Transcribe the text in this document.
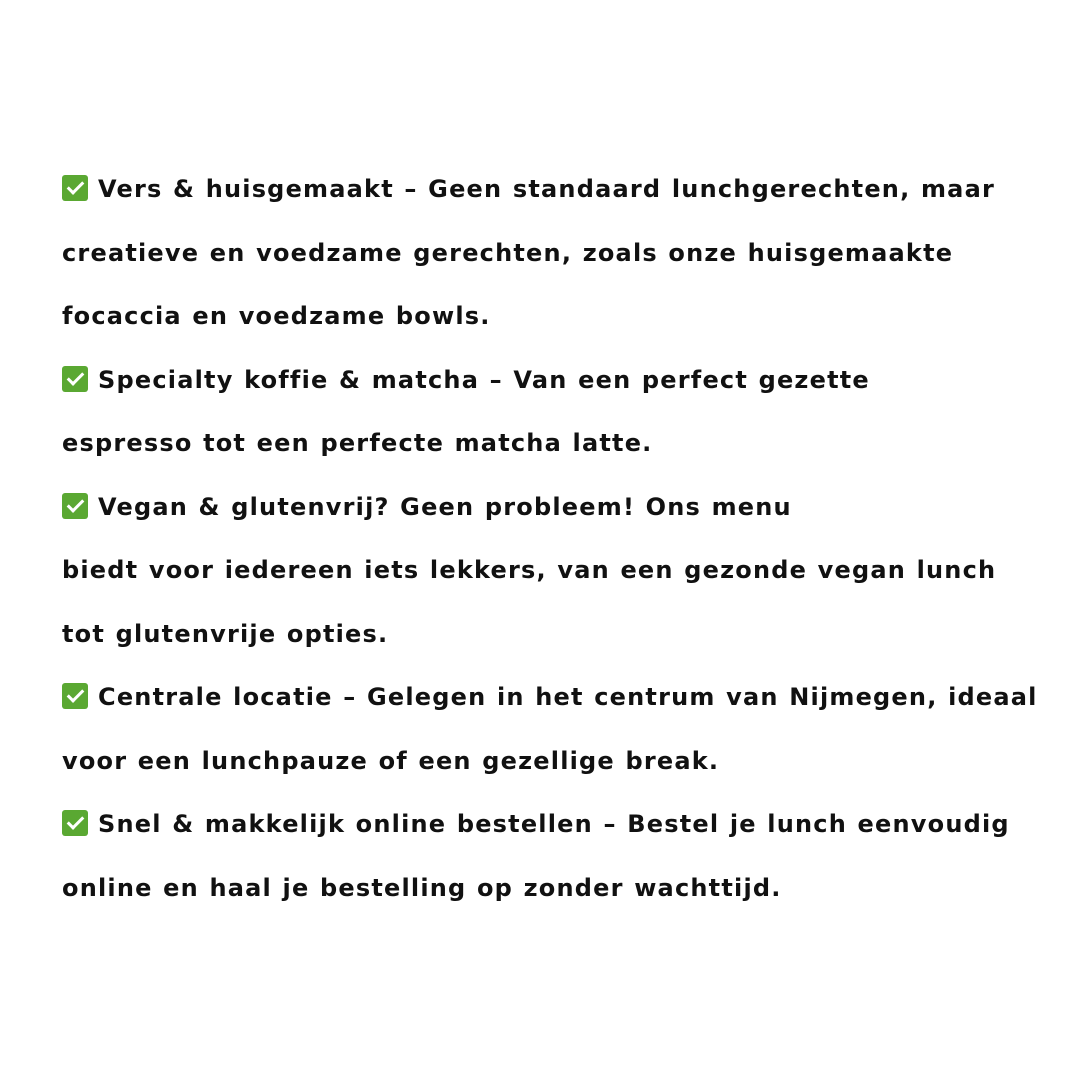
Vers & huisgemaakt – Geen standaard lunchgerechten, maar
creatieve en voedzame gerechten, zoals onze huisgemaakte
focaccia en voedzame bowls.
Specialty koffie & matcha – Van een perfect gezette
espresso tot een perfecte matcha latte.
Vegan & glutenvrij? Geen probleem! Ons menu
biedt voor iedereen iets lekkers, van een gezonde vegan lunch
tot glutenvrije opties.
Centrale locatie – Gelegen in het centrum van Nijmegen, ideaal
voor een lunchpauze of een gezellige break.
Snel & makkelijk online bestellen – Bestel je lunch eenvoudig
online en haal je bestelling op zonder wachttijd.
